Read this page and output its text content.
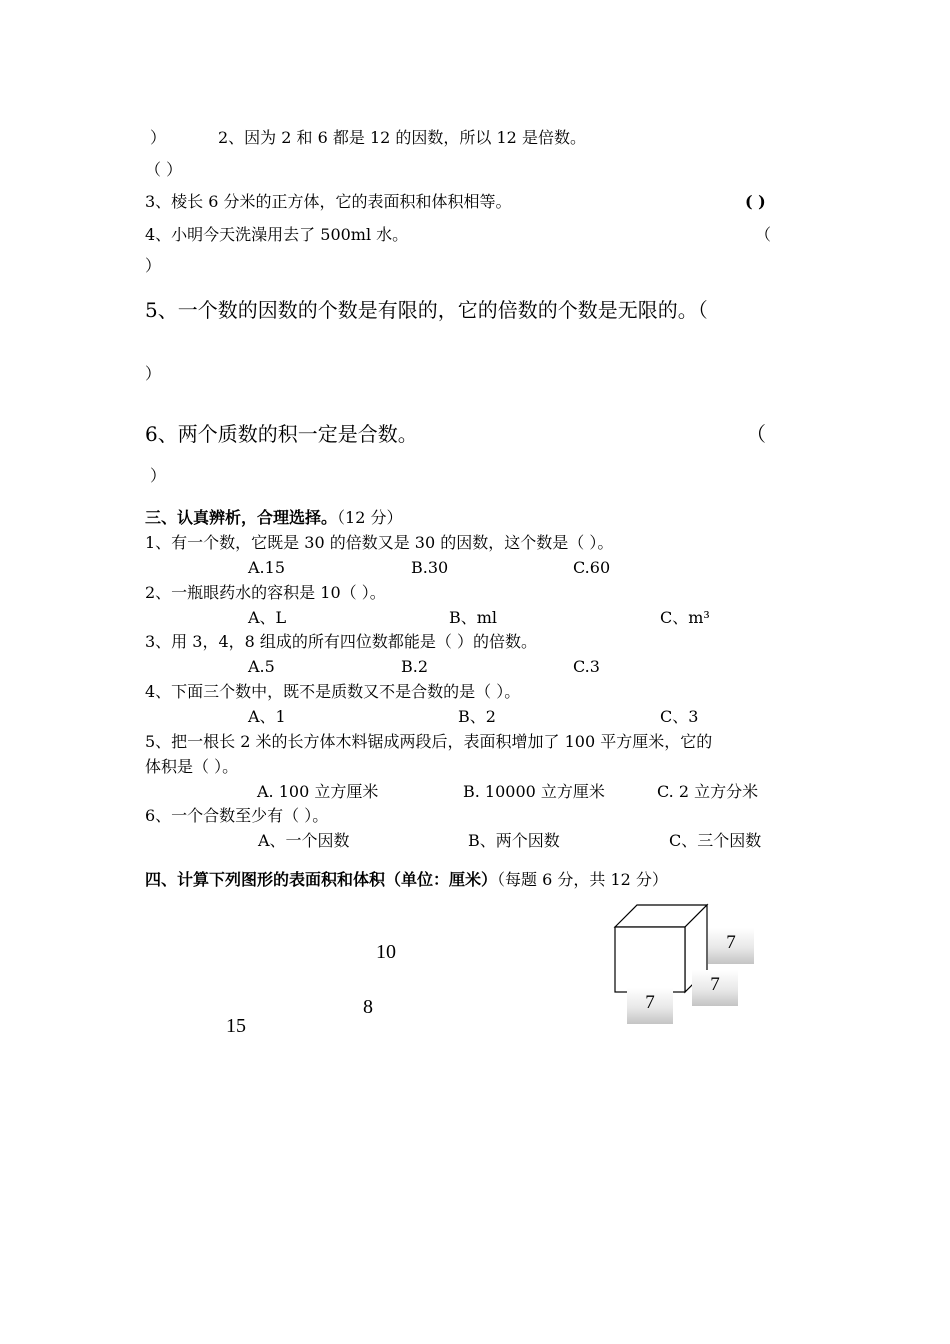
）	2、因为 2 和 6 都是 12 的因数，所以 12 是倍数。
（ ）
3、棱长 6 分米的正方体，它的表面积和体积相等。	( )
4、小明今天洗澡用去了 500ml 水。	（
）
5、一个数的因数的个数是有限的，它的倍数的个数是无限的。（
）
6、两个质数的积一定是合数。	（
）
三、认真辨析，合理选择。（12 分）
1、有一个数，它既是 30 的倍数又是 30 的因数，这个数是（ ）。
A.15	B.30	C.60
2、一瓶眼药水的容积是 10（ ）。
A、L	B、ml	C、m³
3、用 3，4，8 组成的所有四位数都能是（ ）的倍数。
A.5	B.2	C.3
4、下面三个数中，既不是质数又不是合数的是（ ）。
A、1	B、2	C、3
5、把一根长 2 米的长方体木料锯成两段后，表面积增加了 100 平方厘米，它的
体积是（ ）。
A. 100 立方厘米	B. 10000 立方厘米	C. 2 立方分米
6、一个合数至少有（ ）。
A、一个因数	B、两个因数	C、三个因数
四、计算下列图形的表面积和体积（单位：厘米）（每题 6 分，共 12 分）
10
8
15
7
7
7
